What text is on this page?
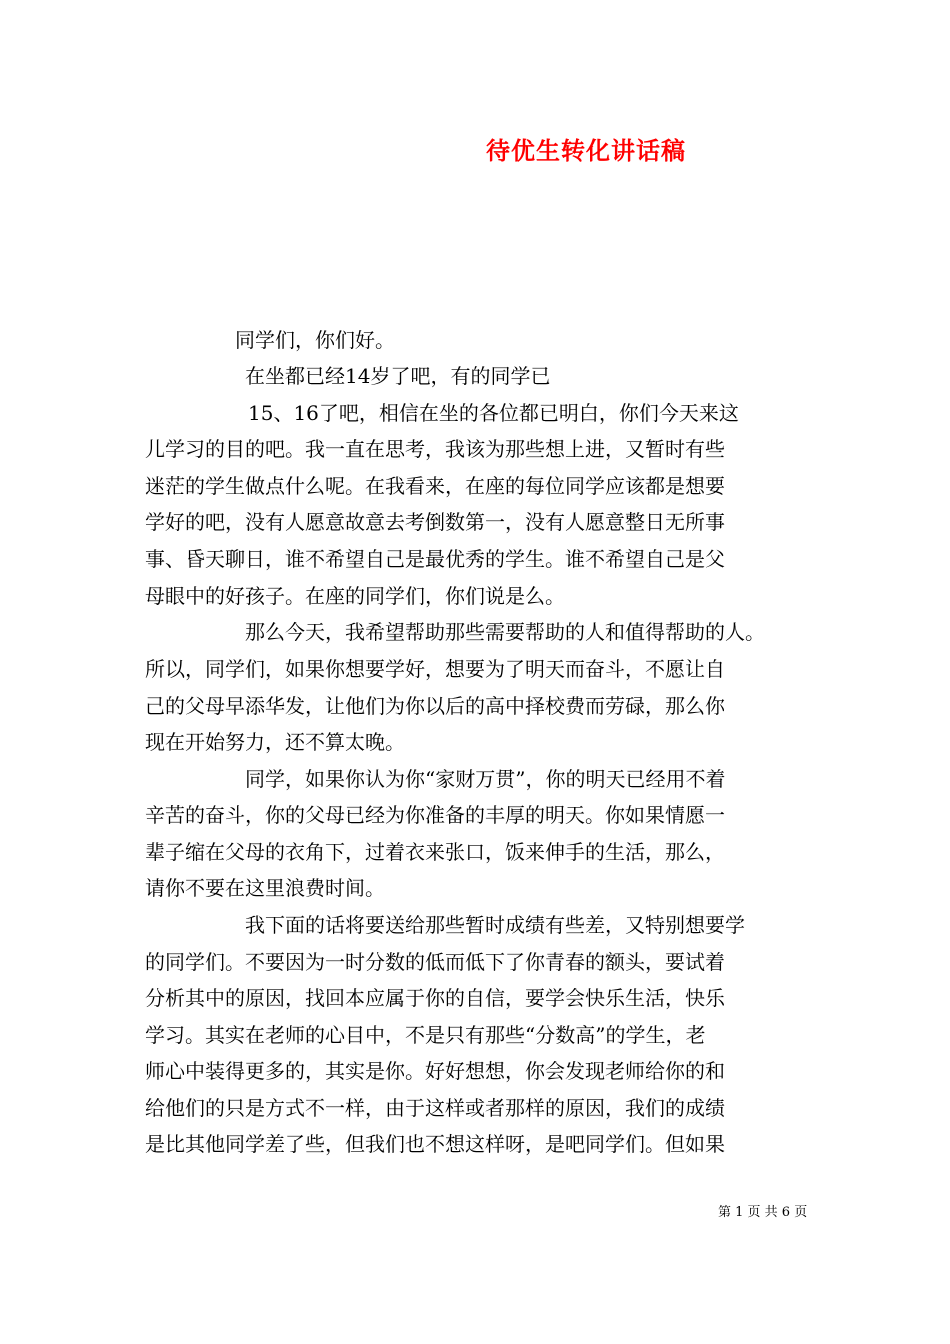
待优生转化讲话稿
同学们，你们好。
在坐都已经14岁了吧，有的同学已
15、16了吧，相信在坐的各位都已明白，你们今天来这
儿学习的目的吧。我一直在思考，我该为那些想上进，又暂时有些
迷茫的学生做点什么呢。在我看来，在座的每位同学应该都是想要
学好的吧，没有人愿意故意去考倒数第一，没有人愿意整日无所事
事、昏天聊日，谁不希望自己是最优秀的学生。谁不希望自己是父
母眼中的好孩子。在座的同学们，你们说是么。
那么今天，我希望帮助那些需要帮助的人和值得帮助的人。
所以，同学们，如果你想要学好，想要为了明天而奋斗，不愿让自
己的父母早添华发，让他们为你以后的高中择校费而劳碌，那么你
现在开始努力，还不算太晚。
同学，如果你认为你“家财万贯”，你的明天已经用不着
辛苦的奋斗，你的父母已经为你准备的丰厚的明天。你如果情愿一
辈子缩在父母的衣角下，过着衣来张口，饭来伸手的生活，那么，
请你不要在这里浪费时间。
我下面的话将要送给那些暂时成绩有些差，又特别想要学
的同学们。不要因为一时分数的低而低下了你青春的额头，要试着
分析其中的原因，找回本应属于你的自信，要学会快乐生活，快乐
学习。其实在老师的心目中，不是只有那些“分数高”的学生，老
师心中装得更多的，其实是你。好好想想，你会发现老师给你的和
给他们的只是方式不一样，由于这样或者那样的原因，我们的成绩
是比其他同学差了些，但我们也不想这样呀，是吧同学们。但如果
第 1 页 共 6 页
